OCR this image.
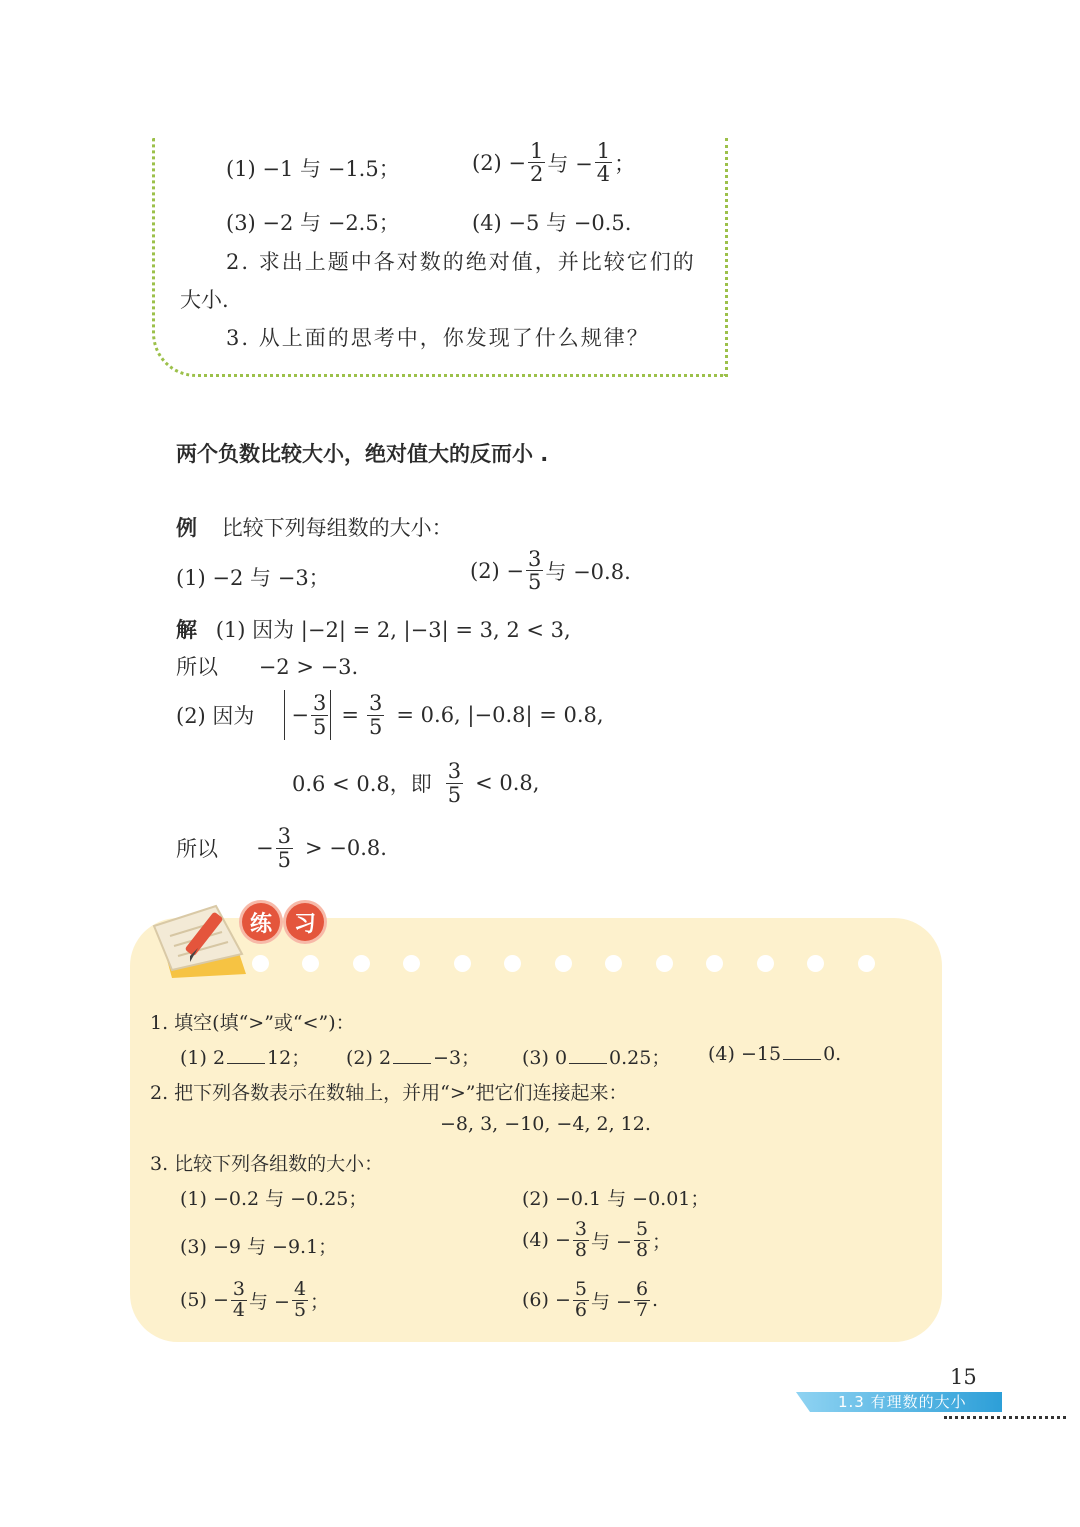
(1) −1 与 −1.5；	$(2) - \frac{1}{2}$ 与 − $\frac{1}{4}$ ；
(3) −2 与 −2.5；	(4) −5 与 −0.5.
2. 求出上题中各对数的绝对值，并比较它们的
大小.
3. 从上面的思考中，你发现了什么规律？
两个负数比较大小，绝对值大的反而小 .
例 比较下列每组数的大小：
(1) −2 与 −3；	$(2) - \frac{3}{5}$ 与 −0.8.
解 (1) 因为 |−2| = 2, |−3| = 3, 2 < 3,
所以 −2 > −3.
(2) 因为 − $\frac{3}{5} = \frac{3}{5} = 0.6$, |−0.8| = 0.8,
0.6 < 0.8，即 $\frac{3}{5} < 0.8$,
所以 − $\frac{3}{5} > -0.8$.
练 习
1. 填空(填“>”或“<”)：
(1) 2 12； (2) 2 −3； (3) 0 0.25； (4) −15 0.
2. 把下列各数表示在数轴上，并用“>”把它们连接起来：
−8, 3, −10, −4, 2, 12.
3. 比较下列各组数的大小：
(1) −0.2 与 −0.25；	(2) −0.1 与 −0.01；
(3) −9 与 −9.1；	$(4) - \frac{3}{8}$ 与 − $\frac{5}{8}$ ；
$(5) - \frac{3}{4}$ 与 − $\frac{4}{5}$ ；	$(6) - \frac{5}{6}$ 与 − $\frac{6}{7}$ .
15
1.3 有理数的大小
